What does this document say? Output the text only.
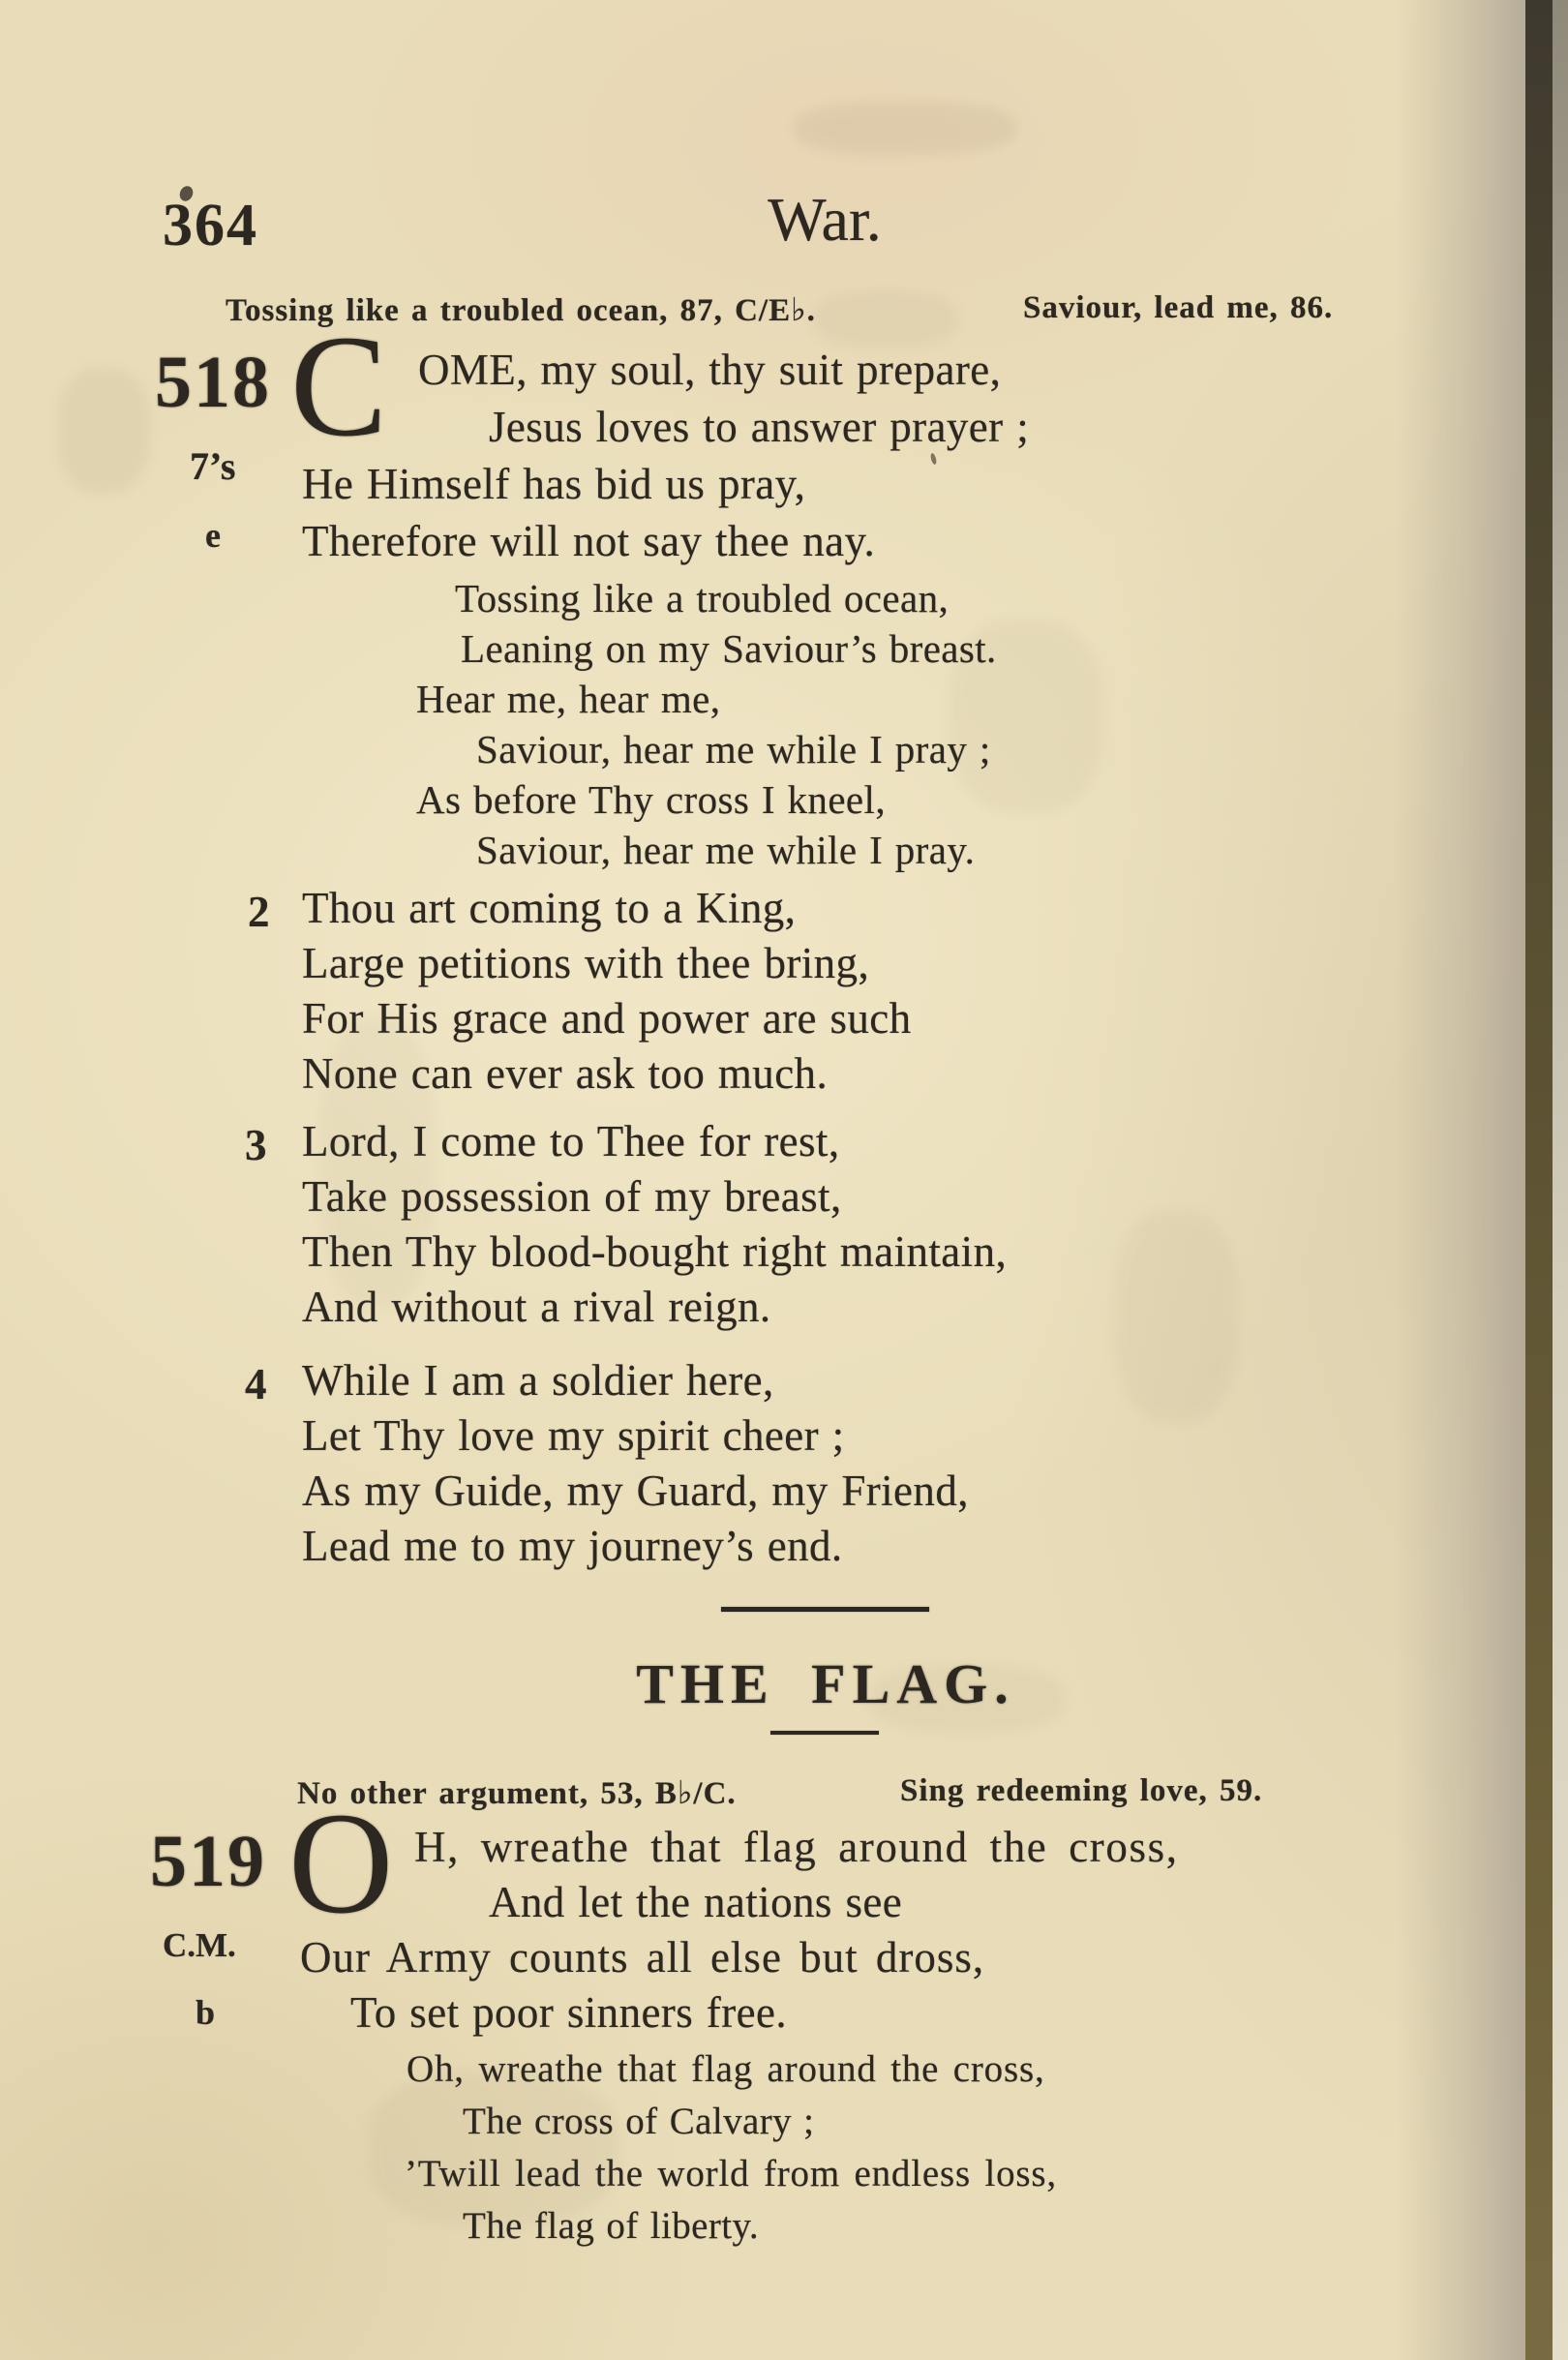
364	War.
Tossing like a troubled ocean, 87, C/E♭.	Saviour, lead me, 86.
518
7’s
e
C OME, my soul, thy suit prepare,
Jesus loves to answer prayer ;
He Himself has bid us pray,
Therefore will not say thee nay.
Tossing like a troubled ocean,
Leaning on my Saviour’s breast.
Hear me, hear me,
Saviour, hear me while I pray ;
As before Thy cross I kneel,
Saviour, hear me while I pray.
2 Thou art coming to a King,
Large petitions with thee bring,
For His grace and power are such
None can ever ask too much.
3 Lord, I come to Thee for rest,
Take possession of my breast,
Then Thy blood-bought right maintain,
And without a rival reign.
4 While I am a soldier here,
Let Thy love my spirit cheer ;
As my Guide, my Guard, my Friend,
Lead me to my journey’s end.
THE FLAG.
No other argument, 53, B♭/C.	Sing redeeming love, 59.
519
C.M.
b
O H, wreathe that flag around the cross,
And let the nations see
Our Army counts all else but dross,
To set poor sinners free.
Oh, wreathe that flag around the cross,
The cross of Calvary ;
’Twill lead the world from endless loss,
The flag of liberty.
